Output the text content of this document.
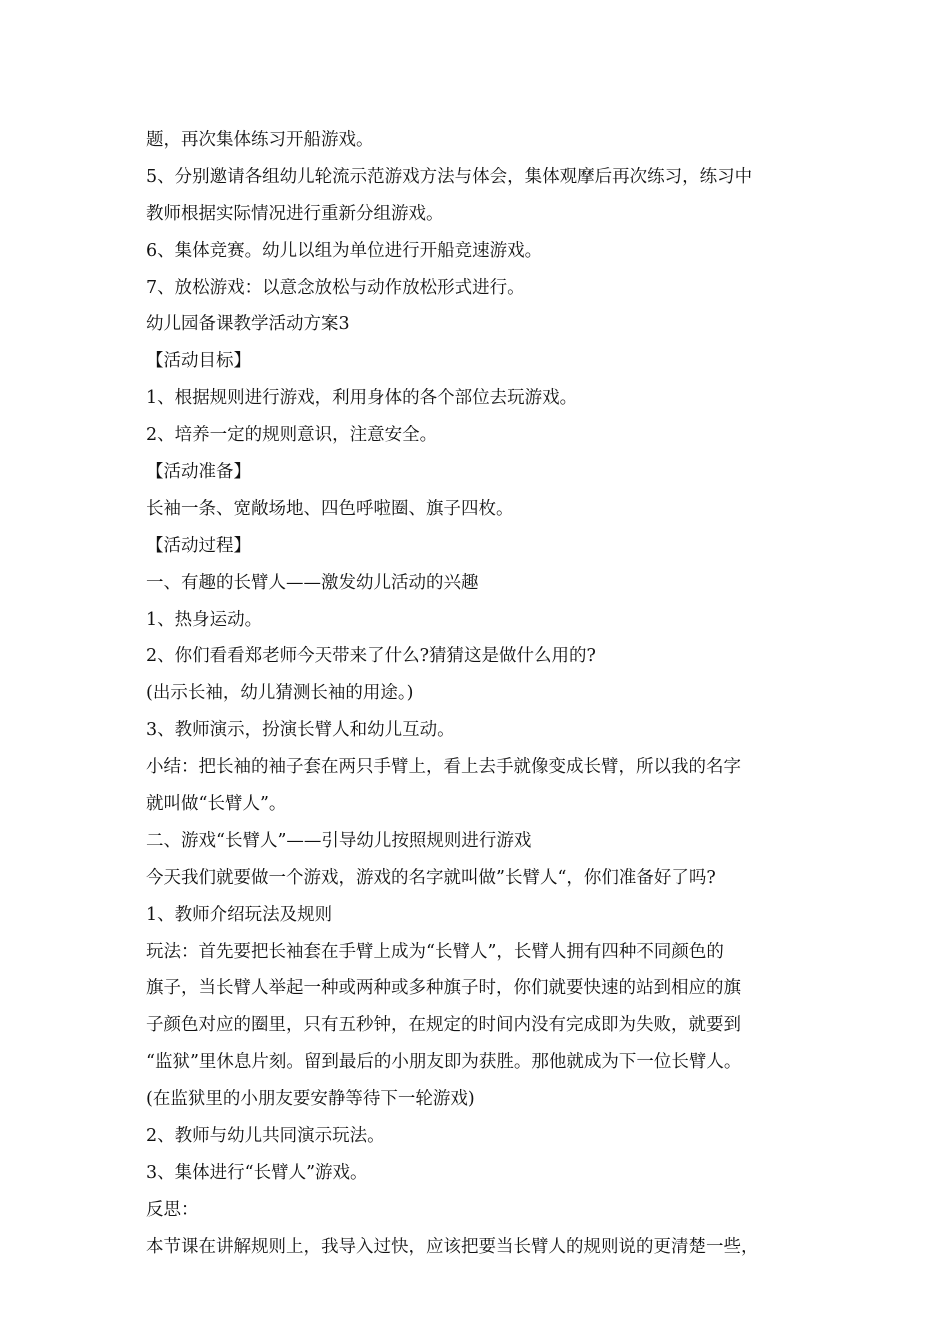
题，再次集体练习开船游戏。
5、分别邀请各组幼儿轮流示范游戏方法与体会，集体观摩后再次练习，练习中
教师根据实际情况进行重新分组游戏。
6、集体竞赛。幼儿以组为单位进行开船竞速游戏。
7、放松游戏：以意念放松与动作放松形式进行。
幼儿园备课教学活动方案3
【活动目标】
1、根据规则进行游戏，利用身体的各个部位去玩游戏。
2、培养一定的规则意识，注意安全。
【活动准备】
长袖一条、宽敞场地、四色呼啦圈、旗子四枚。
【活动过程】
一、有趣的长臂人——激发幼儿活动的兴趣
1、热身运动。
2、你们看看郑老师今天带来了什么?猜猜这是做什么用的?
(出示长袖，幼儿猜测长袖的用途。)
3、教师演示，扮演长臂人和幼儿互动。
小结：把长袖的袖子套在两只手臂上，看上去手就像变成长臂，所以我的名字
就叫做“长臂人”。
二、游戏“长臂人”——引导幼儿按照规则进行游戏
今天我们就要做一个游戏，游戏的名字就叫做”长臂人“，你们准备好了吗?
1、教师介绍玩法及规则
玩法：首先要把长袖套在手臂上成为“长臂人”，长臂人拥有四种不同颜色的
旗子，当长臂人举起一种或两种或多种旗子时，你们就要快速的站到相应的旗
子颜色对应的圈里，只有五秒钟，在规定的时间内没有完成即为失败，就要到
“监狱”里休息片刻。留到最后的小朋友即为获胜。那他就成为下一位长臂人。
(在监狱里的小朋友要安静等待下一轮游戏)
2、教师与幼儿共同演示玩法。
3、集体进行“长臂人”游戏。
反思：
本节课在讲解规则上，我导入过快，应该把要当长臂人的规则说的更清楚一些，
